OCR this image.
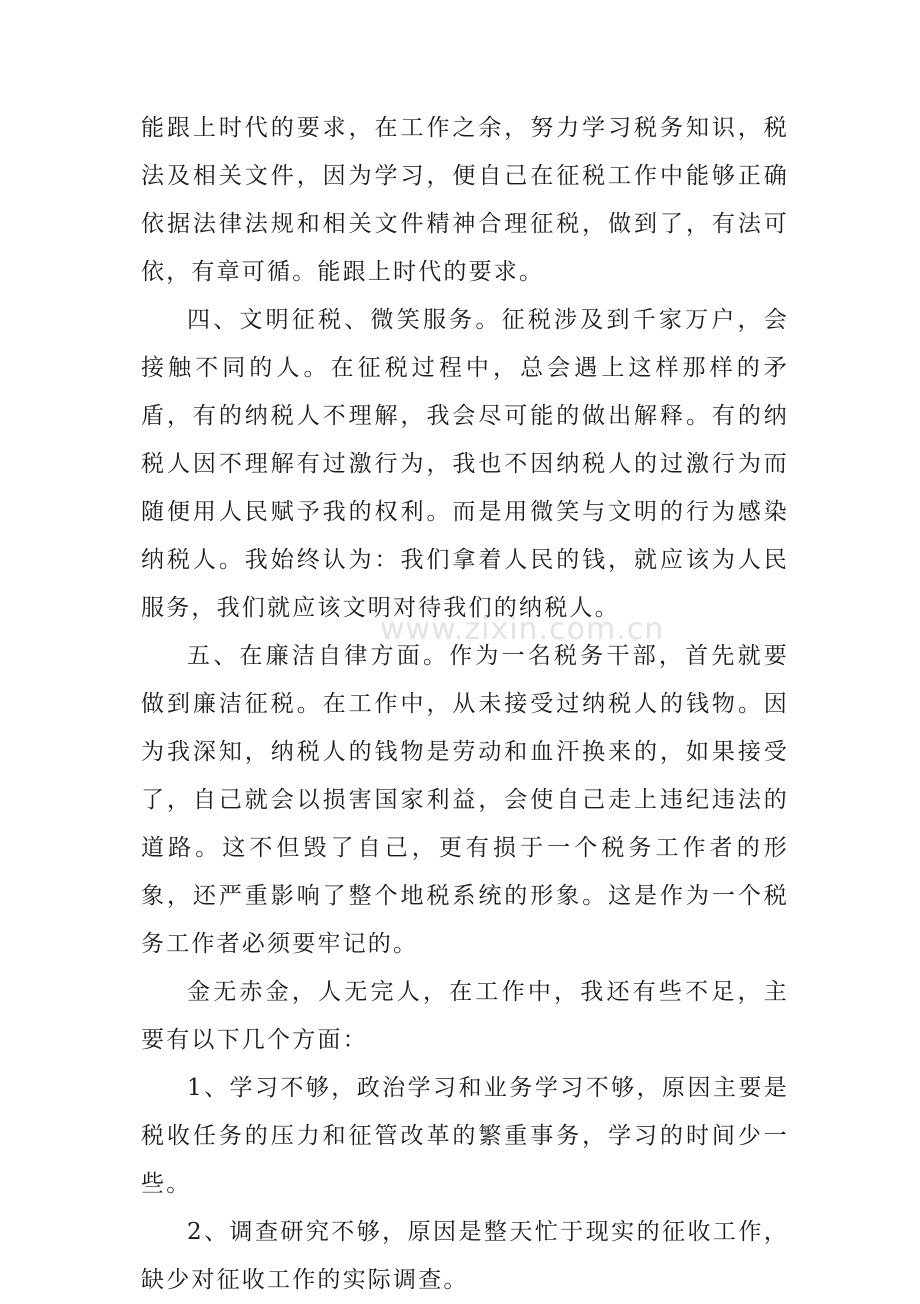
能跟上时代的要求，在工作之余，努力学习税务知识，税法及相关文件，因为学习，便自己在征税工作中能够正确依据法律法规和相关文件精神合理征税，做到了，有法可依，有章可循。能跟上时代的要求。

四、文明征税、微笑服务。征税涉及到千家万户，会接触不同的人。在征税过程中，总会遇上这样那样的矛盾，有的纳税人不理解，我会尽可能的做出解释。有的纳税人因不理解有过激行为，我也不因纳税人的过激行为而随便用人民赋予我的权利。而是用微笑与文明的行为感染纳税人。我始终认为：我们拿着人民的钱，就应该为人民服务，我们就应该文明对待我们的纳税人。

五、在廉洁自律方面。作为一名税务干部，首先就要做到廉洁征税。在工作中，从未接受过纳税人的钱物。因为我深知，纳税人的钱物是劳动和血汗换来的，如果接受了，自己就会以损害国家利益，会使自己走上违纪违法的道路。这不但毁了自己，更有损于一个税务工作者的形象，还严重影响了整个地税系统的形象。这是作为一个税务工作者必须要牢记的。

金无赤金，人无完人，在工作中，我还有些不足，主要有以下几个方面：

1、学习不够，政治学习和业务学习不够，原因主要是税收任务的压力和征管改革的繁重事务，学习的时间少一些。

2、调查研究不够，原因是整天忙于现实的征收工作，缺少对征收工作的实际调查。

www.zixin.com.cn
